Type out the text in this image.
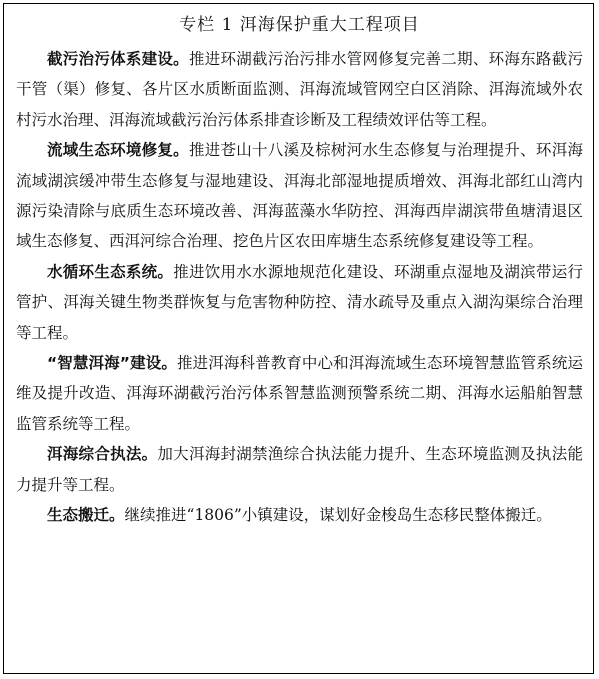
专栏 1 洱海保护重大工程项目

截污治污体系建设。推进环湖截污治污排水管网修复完善二期、环海东路截污干管（渠）修复、各片区水质断面监测、洱海流域管网空白区消除、洱海流域外农村污水治理、洱海流域截污治污体系排查诊断及工程绩效评估等工程。

流域生态环境修复。推进苍山十八溪及棕树河水生态修复与治理提升、环洱海流域湖滨缓冲带生态修复与湿地建设、洱海北部湿地提质增效、洱海北部红山湾内源污染清除与底质生态环境改善、洱海蓝藻水华防控、洱海西岸湖滨带鱼塘清退区域生态修复、西洱河综合治理、挖色片区农田库塘生态系统修复建设等工程。

水循环生态系统。推进饮用水水源地规范化建设、环湖重点湿地及湖滨带运行管护、洱海关键生物类群恢复与危害物种防控、清水疏导及重点入湖沟渠综合治理等工程。

“智慧洱海”建设。推进洱海科普教育中心和洱海流域生态环境智慧监管系统运维及提升改造、洱海环湖截污治污体系智慧监测预警系统二期、洱海水运船舶智慧监管系统等工程。

洱海综合执法。加大洱海封湖禁渔综合执法能力提升、生态环境监测及执法能力提升等工程。

生态搬迁。继续推进“1806”小镇建设，谋划好金梭岛生态移民整体搬迁。
